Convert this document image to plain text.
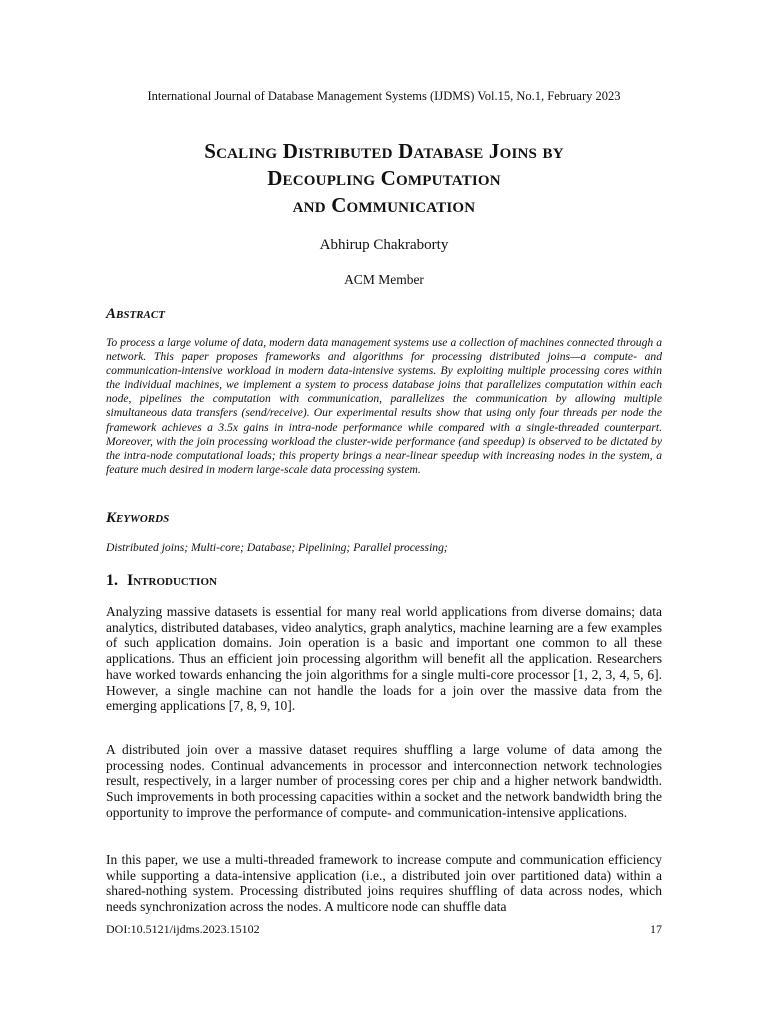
International Journal of Database Management Systems (IJDMS) Vol.15, No.1, February 2023
Scaling Distributed Database Joins by
Decoupling Computation
and Communication
Abhirup Chakraborty
ACM Member
Abstract

To process a large volume of data, modern data management systems use a collection of machines connected through a network. This paper proposes frameworks and algorithms for processing distributed joins—a compute- and communication-intensive workload in modern data-intensive systems. By exploiting multiple processing cores within the individual machines, we implement a system to process database joins that parallelizes computation within each node, pipelines the computation with communication, parallelizes the communication by allowing multiple simultaneous data transfers (send/receive). Our experimental results show that using only four threads per node the framework achieves a 3.5x gains in intra-node performance while compared with a single-threaded counterpart. Moreover, with the join processing workload the cluster-wide performance (and speedup) is observed to be dictated by the intra-node computational loads; this property brings a near-linear speedup with increasing nodes in the system, a feature much desired in modern large-scale data processing system.

Keywords

Distributed joins; Multi-core; Database; Pipelining; Parallel processing;

1. Introduction

Analyzing massive datasets is essential for many real world applications from diverse domains; data analytics, distributed databases, video analytics, graph analytics, machine learning are a few examples of such application domains. Join operation is a basic and important one common to all these applications. Thus an efficient join processing algorithm will benefit all the application. Researchers have worked towards enhancing the join algorithms for a single multi-core processor [1, 2, 3, 4, 5, 6]. However, a single machine can not handle the loads for a join over the massive data from the emerging applications [7, 8, 9, 10].

A distributed join over a massive dataset requires shuffling a large volume of data among the processing nodes. Continual advancements in processor and interconnection network technologies result, respectively, in a larger number of processing cores per chip and a higher network bandwidth. Such improvements in both processing capacities within a socket and the network bandwidth bring the opportunity to improve the performance of compute- and communication-intensive applications.

In this paper, we use a multi-threaded framework to increase compute and communication efficiency while supporting a data-intensive application (i.e., a distributed join over partitioned data) within a shared-nothing system. Processing distributed joins requires shuffling of data across nodes, which needs synchronization across the nodes. A multicore node can shuffle data

DOI:10.5121/ijdms.2023.15102	17
